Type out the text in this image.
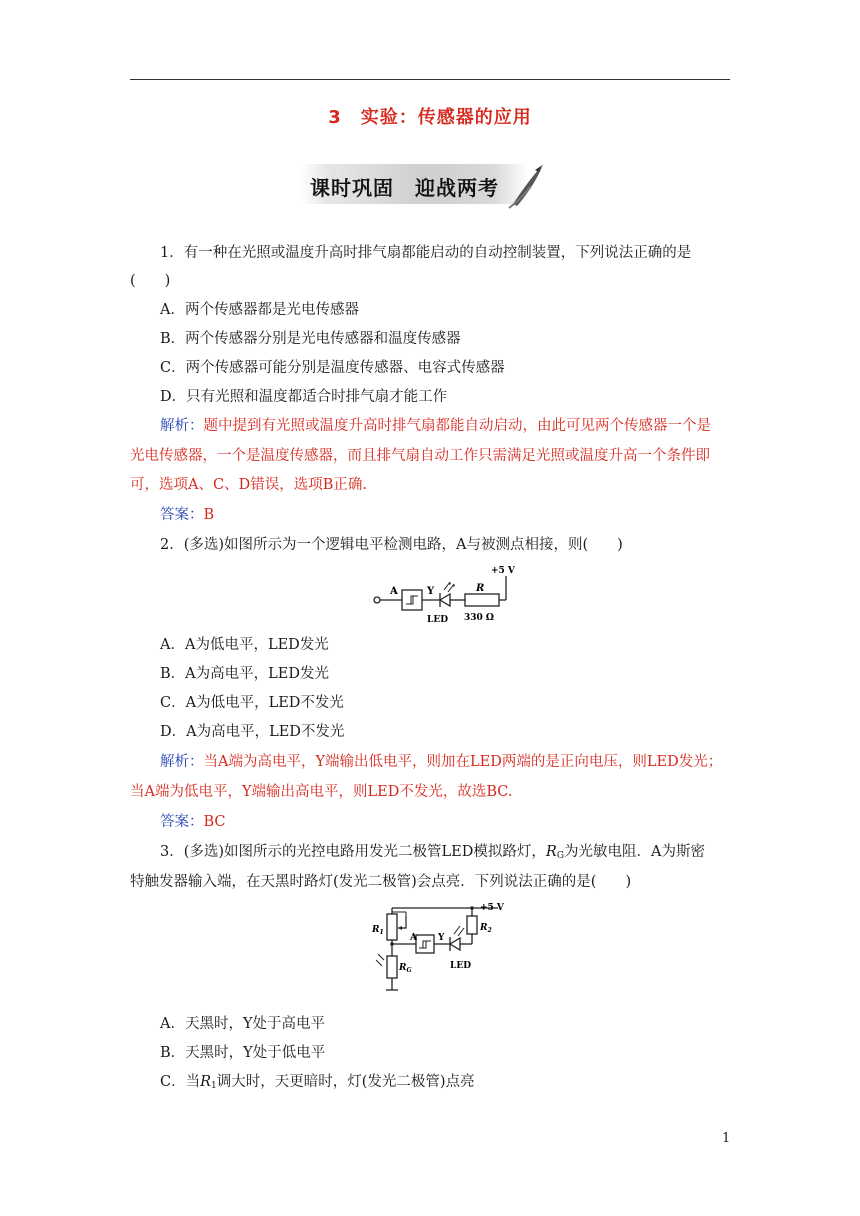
3　实验：传感器的应用
课时巩固　迎战两考
1．有一种在光照或温度升高时排气扇都能启动的自动控制装置，下列说法正确的是
(　　)
A．两个传感器都是光电传感器
B．两个传感器分别是光电传感器和温度传感器
C．两个传感器可能分别是温度传感器、电容式传感器
D．只有光照和温度都适合时排气扇才能工作
解析：题中提到有光照或温度升高时排气扇都能自动启动，由此可见两个传感器一个是
光电传感器，一个是温度传感器，而且排气扇自动工作只需满足光照或温度升高一个条件即
可，选项A、C、D错误，选项B正确.
答案：B
2．(多选)如图所示为一个逻辑电平检测电路，A与被测点相接，则(　　)
A	Y	R
+5 V
LED 330 Ω
A．A为低电平，LED发光
B．A为高电平，LED发光
C．A为低电平，LED不发光
D．A为高电平，LED不发光
解析：当A端为高电平，Y端输出低电平，则加在LED两端的是正向电压，则LED发光；
当A端为低电平，Y端输出高电平，则LED不发光，故选BC.
答案：BC
3．(多选)如图所示的光控电路用发光二极管LED模拟路灯，$R_G$为光敏电阻．A为斯密
特触发器输入端，在天黑时路灯(发光二极管)会点亮．下列说法正确的是(　　)
+5 V
$R_1$	$R_2$
$R_G$
A Y
LED
A．天黑时，Y处于高电平
B．天黑时，Y处于低电平
C．当$R_1$调大时，天更暗时，灯(发光二极管)点亮
1
